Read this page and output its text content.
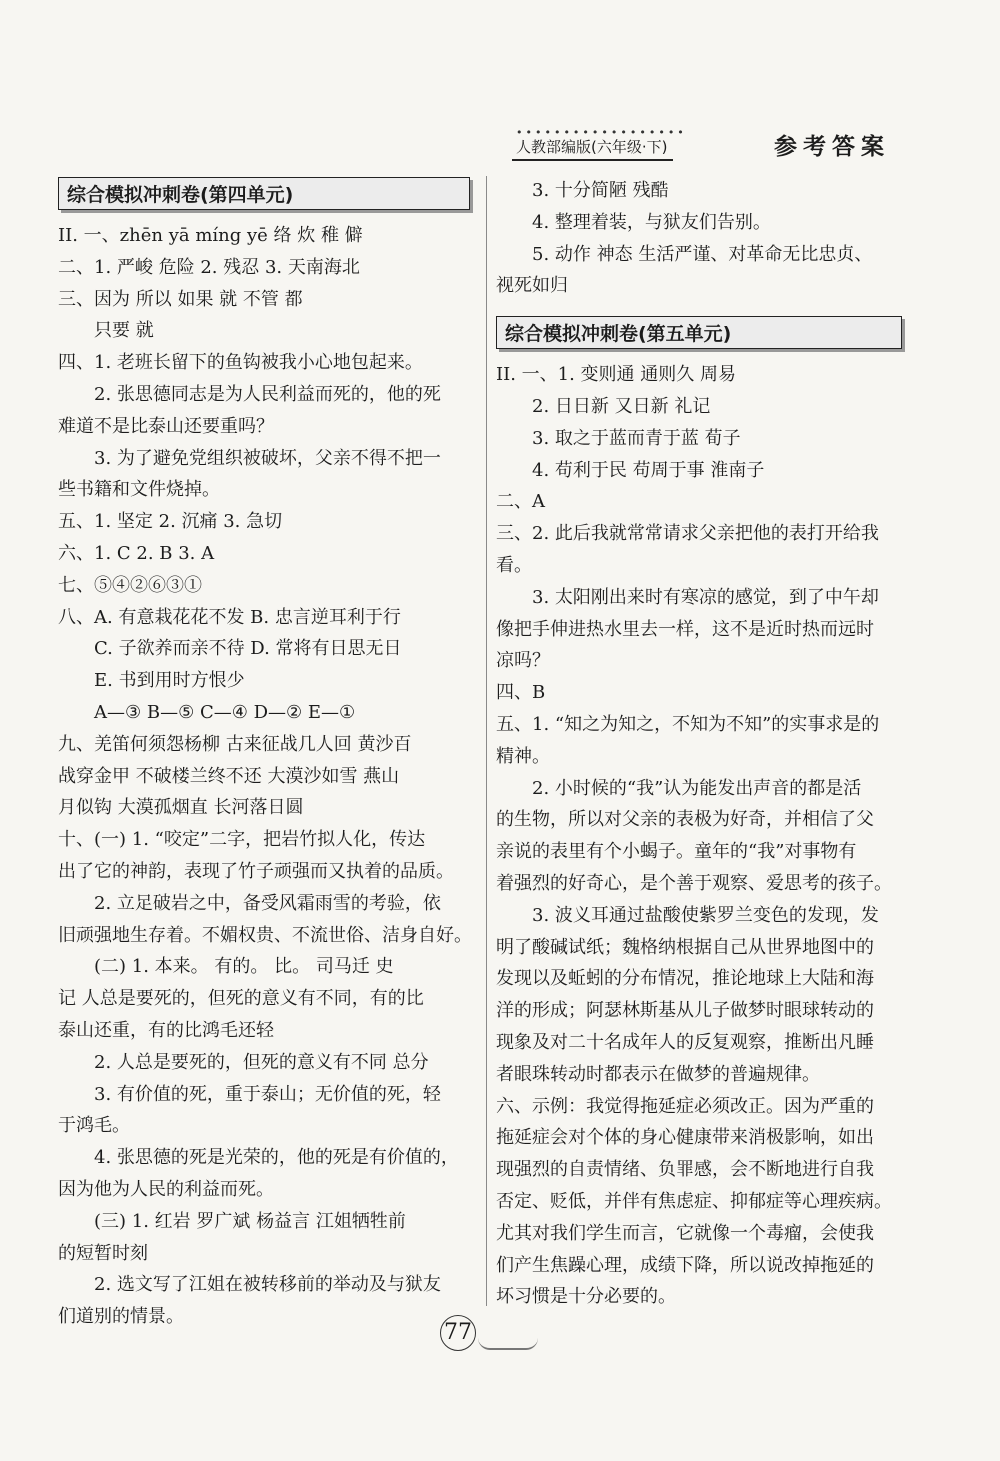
••••••••••••••••••
人教部编版(六年级·下)	参考答案
综合模拟冲刺卷(第四单元)
II. 一、zhēn yā míng yē 络 炊 稚 僻
二、1. 严峻 危险 2. 残忍 3. 天南海北
三、因为 所以 如果 就 不管 都
只要 就
四、1. 老班长留下的鱼钩被我小心地包起来。
2. 张思德同志是为人民利益而死的，他的死
难道不是比泰山还要重吗？
3. 为了避免党组织被破坏，父亲不得不把一
些书籍和文件烧掉。
五、1. 坚定 2. 沉痛 3. 急切
六、1. C 2. B 3. A
七、⑤④②⑥③①
八、A. 有意栽花花不发 B. 忠言逆耳利于行
C. 子欲养而亲不待 D. 常将有日思无日
E. 书到用时方恨少
A—③ B—⑤ C—④ D—② E—①
九、羌笛何须怨杨柳 古来征战几人回 黄沙百
战穿金甲 不破楼兰终不还 大漠沙如雪 燕山
月似钩 大漠孤烟直 长河落日圆
十、(一) 1. “咬定”二字，把岩竹拟人化，传达
出了它的神韵，表现了竹子顽强而又执着的品质。
2. 立足破岩之中，备受风霜雨雪的考验，依
旧顽强地生存着。不媚权贵、不流世俗、洁身自好。
(二) 1. 本来。 有的。 比。 司马迁 史
记 人总是要死的，但死的意义有不同，有的比
泰山还重，有的比鸿毛还轻
2. 人总是要死的，但死的意义有不同 总分
3. 有价值的死，重于泰山；无价值的死，轻
于鸿毛。
4. 张思德的死是光荣的，他的死是有价值的，
因为他为人民的利益而死。
(三) 1. 红岩 罗广斌 杨益言 江姐牺牲前
的短暂时刻
2. 选文写了江姐在被转移前的举动及与狱友
们道别的情景。
3. 十分简陋 残酷
4. 整理着装，与狱友们告别。
5. 动作 神态 生活严谨、对革命无比忠贞、
视死如归
综合模拟冲刺卷(第五单元)
II. 一、1. 变则通 通则久 周易
2. 日日新 又日新 礼记
3. 取之于蓝而青于蓝 荀子
4. 苟利于民 苟周于事 淮南子
二、A
三、2. 此后我就常常请求父亲把他的表打开给我
看。
3. 太阳刚出来时有寒凉的感觉，到了中午却
像把手伸进热水里去一样，这不是近时热而远时
凉吗？
四、B
五、1. “知之为知之，不知为不知”的实事求是的
精神。
2. 小时候的“我”认为能发出声音的都是活
的生物，所以对父亲的表极为好奇，并相信了父
亲说的表里有个小蝎子。童年的“我”对事物有
着强烈的好奇心，是个善于观察、爱思考的孩子。
3. 波义耳通过盐酸使紫罗兰变色的发现，发
明了酸碱试纸；魏格纳根据自己从世界地图中的
发现以及蚯蚓的分布情况，推论地球上大陆和海
洋的形成；阿瑟林斯基从儿子做梦时眼球转动的
现象及对二十名成年人的反复观察，推断出凡睡
者眼珠转动时都表示在做梦的普遍规律。
六、示例：我觉得拖延症必须改正。因为严重的
拖延症会对个体的身心健康带来消极影响，如出
现强烈的自责情绪、负罪感，会不断地进行自我
否定、贬低，并伴有焦虑症、抑郁症等心理疾病。
尤其对我们学生而言，它就像一个毒瘤，会使我
们产生焦躁心理，成绩下降，所以说改掉拖延的
坏习惯是十分必要的。
77
